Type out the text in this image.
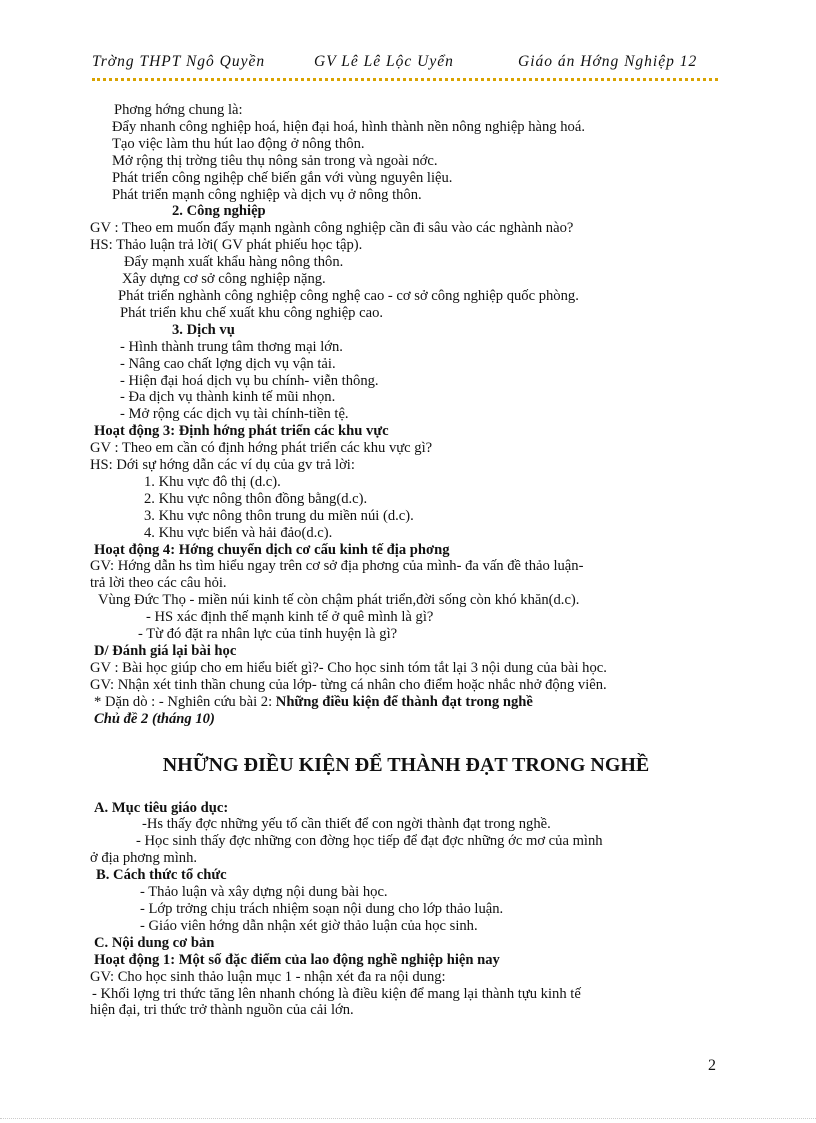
Trờng THPT Ngô Quyền	GV Lê Lê Lộc Uyển	Giáo án Hớng Nghiệp 12
Phơng hớng chung là:
Đẩy nhanh công nghiệp hoá, hiện đại hoá, hình thành nền nông nghiệp hàng hoá.
Tạo việc làm thu hút lao động ở nông thôn.
Mở rộng thị trờng tiêu thụ nông sản trong và ngoài nớc.
Phát triển công ngihệp chế biến gắn với vùng nguyên liệu.
Phát triển mạnh công nghiệp và dịch vụ ở nông thôn.
2. Công nghiệp
GV : Theo em muốn đẩy mạnh ngành công nghiệp cần đi sâu vào các nghành nào?
HS: Thảo luận trả lời( GV phát phiếu học tập).
Đẩy mạnh xuất khẩu hàng nông thôn.
Xây dựng cơ sở công nghiệp nặng.
Phát triển nghành công nghiệp công nghệ cao - cơ sở công nghiệp quốc phòng.
Phát triển khu chế xuất khu công nghiệp cao.
3. Dịch vụ
- Hình thành trung tâm thơng mại lớn.
- Nâng cao chất lợng dịch vụ vận tải.
- Hiện đại hoá dịch vụ bu chính- viễn thông.
- Đa dịch vụ thành kinh tế mũi nhọn.
- Mở rộng các dịch vụ tài chính-tiền tệ.
Hoạt động 3: Định hớng phát triển các khu vực
GV : Theo em cần có định hớng phát triển các khu vực gì?
HS: Dới sự hớng dẫn các ví dụ của gv trả lời:
1. Khu vực đô thị (d.c).
2. Khu vực nông thôn đồng bằng(d.c).
3. Khu vực nông thôn trung du miền núi (d.c).
4. Khu vực biển và hải đảo(d.c).
Hoạt động 4: Hớng chuyển dịch cơ cấu kinh tế địa phơng
GV: Hớng dẫn hs tìm hiểu ngay trên cơ sở địa phơng của mình- đa vấn đề thảo luận-
trả lời theo các câu hỏi.
Vùng Đức Thọ - miền núi kinh tế còn chậm phát triển,đời sống còn khó khăn(d.c).
- HS xác định thế mạnh kinh tế ở quê mình là gì?
- Từ đó đặt ra nhân lực của tỉnh huyện là gì?
D/ Đánh giá lại bài học
GV : Bài học giúp cho em hiểu biết gì?- Cho học sinh tóm tắt lại 3 nội dung của bài học.
GV: Nhận xét tinh thần chung của lớp- từng cá nhân cho điểm hoặc nhắc nhở động viên.
* Dặn dò : - Nghiên cứu bài 2: Những điều kiện để thành đạt trong nghề
Chủ đề 2 (tháng 10)
NHỮNG ĐIỀU KIỆN ĐỂ THÀNH ĐẠT TRONG NGHỀ
A. Mục tiêu giáo dục:
-Hs thấy đợc những yếu tố cần thiết để con ngời thành đạt trong nghề.
- Học sinh thấy đợc những con đờng học tiếp để đạt đợc những ớc mơ của mình
ở địa phơng mình.
B. Cách thức tổ chức
- Thảo luận và xây dựng nội dung bài học.
- Lớp trởng chịu trách nhiệm soạn nội dung cho lớp thảo luận.
- Giáo viên hớng dẫn nhận xét giờ thảo luận của học sinh.
C. Nội dung cơ bản
Hoạt động 1: Một số đặc điểm của lao động nghề nghiệp hiện nay
GV: Cho học sinh thảo luận mục 1 - nhận xét đa ra nội dung:
- Khối lợng tri thức tăng lên nhanh chóng là điều kiện để mang lại thành tựu kinh tế
hiện đại, tri thức trở thành nguồn của cải lớn.
2
